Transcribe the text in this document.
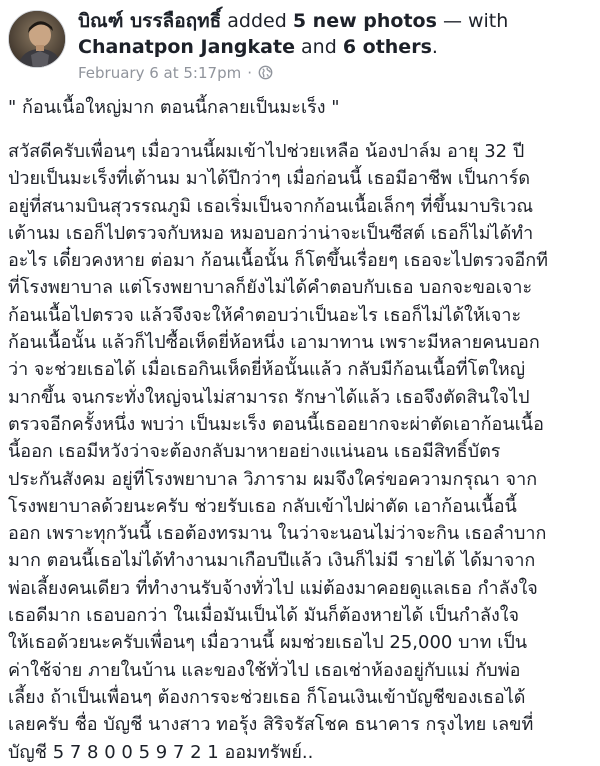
บิณฑ์ บรรลือฤทธิ์ added 5 new photos — with
Chanatpon Jangkate and 6 others.
February 6 at 5:17pm ·
" ก้อนเนื้อใหญ่มาก ตอนนี้กลายเป็นมะเร็ง "
สวัสดีครับเพื่อนๆ เมื่อวานนี้ผมเข้าไปช่วยเหลือ น้องปาล์ม อายุ 32 ปี
ป่วยเป็นมะเร็งที่เต้านม มาได้ปีกว่าๆ เมื่อก่อนนี้ เธอมีอาชีพ เป็นการ์ด
อยู่ที่สนามบินสุวรรณภูมิ เธอเริ่มเป็นจากก้อนเนื้อเล็กๆ ที่ขึ้นมาบริเวณ
เต้านม เธอก็ไปตรวจกับหมอ หมอบอกว่าน่าจะเป็นซีสต์ เธอก็ไม่ได้ทำ
อะไร เดี๋ยวคงหาย ต่อมา ก้อนเนื้อนั้น ก็โตขึ้นเรื่อยๆ เธอจะไปตรวจอีกที
ที่โรงพยาบาล แต่โรงพยาบาลก็ยังไม่ได้คำตอบกับเธอ บอกจะขอเจาะ
ก้อนเนื้อไปตรวจ แล้วจึงจะให้คำตอบว่าเป็นอะไร เธอก็ไม่ได้ให้เจาะ
ก้อนเนื้อนั้น แล้วก็ไปซื้อเห็ดยี่ห้อหนึ่ง เอามาทาน เพราะมีหลายคนบอก
ว่า จะช่วยเธอได้ เมื่อเธอกินเห็ดยี่ห้อนั้นแล้ว กลับมีก้อนเนื้อที่โตใหญ่
มากขึ้น จนกระทั่งใหญ่จนไม่สามารถ รักษาได้แล้ว เธอจึงตัดสินใจไป
ตรวจอีกครั้งหนึ่ง พบว่า เป็นมะเร็ง ตอนนี้เธออยากจะผ่าตัดเอาก้อนเนื้อ
นี้ออก เธอมีหวังว่าจะต้องกลับมาหายอย่างแน่นอน เธอมีสิทธิ์บัตร
ประกันสังคม อยู่ที่โรงพยาบาล วิภาราม ผมจึงใคร่ขอความกรุณา จาก
โรงพยาบาลด้วยนะครับ ช่วยรับเธอ กลับเข้าไปผ่าตัด เอาก้อนเนื้อนี้
ออก เพราะทุกวันนี้ เธอต้องทรมาน ในว่าจะนอนไม่ว่าจะกิน เธอลำบาก
มาก ตอนนี้เธอไม่ได้ทำงานมาเกือบปีแล้ว เงินก็ไม่มี รายได้ ได้มาจาก
พ่อเลี้ยงคนเดียว ที่ทำงานรับจ้างทั่วไป แม่ต้องมาคอยดูแลเธอ กำลังใจ
เธอดีมาก เธอบอกว่า ในเมื่อมันเป็นได้ มันก็ต้องหายได้ เป็นกำลังใจ
ให้เธอด้วยนะครับเพื่อนๆ เมื่อวานนี้ ผมช่วยเธอไป 25,000 บาท เป็น
ค่าใช้จ่าย ภายในบ้าน และของใช้ทั่วไป เธอเช่าห้องอยู่กับแม่ กับพ่อ
เลี้ยง ถ้าเป็นเพื่อนๆ ต้องการจะช่วยเธอ ก็โอนเงินเข้าบัญชีของเธอได้
เลยครับ ชื่อ บัญชี นางสาว ทอรุ้ง สิริจรัสโชค ธนาคาร กรุงไทย เลขที่
บัญชี 5 7 8 0 0 5 9 7 2 1 ออมทรัพย์..
